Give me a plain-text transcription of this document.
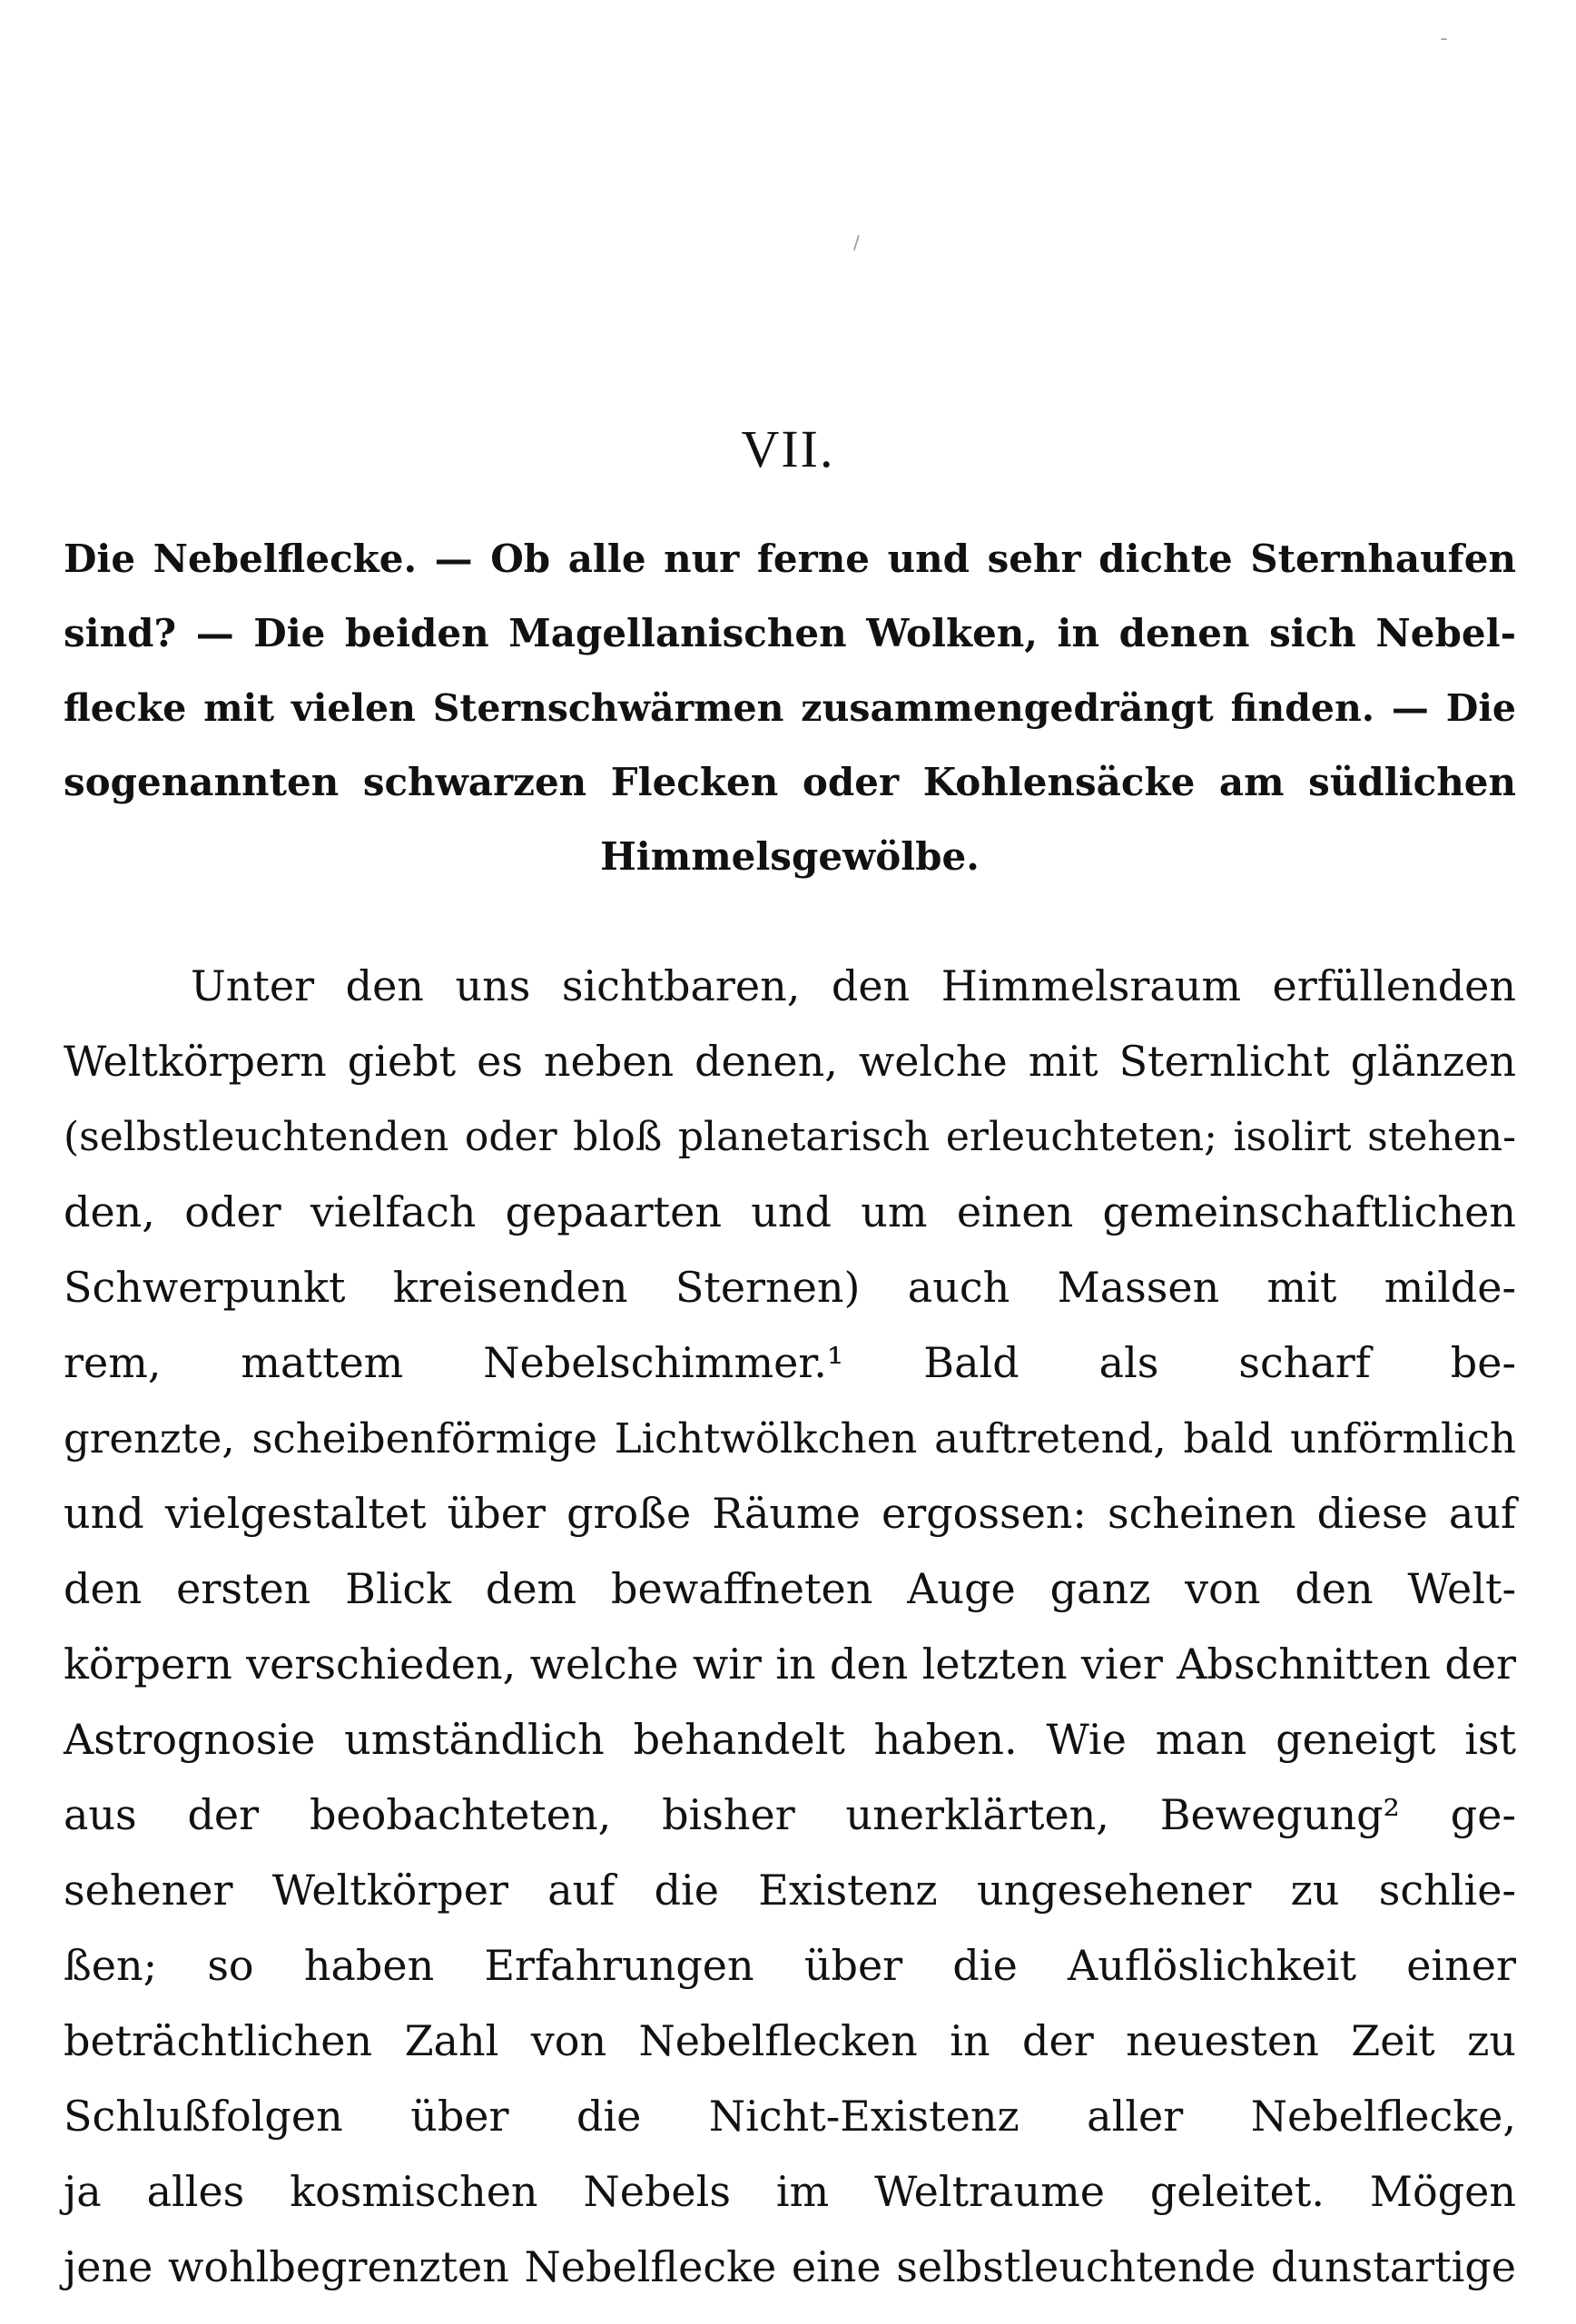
¯
/
VII.
Die Nebelflecke. — Ob alle nur ferne und sehr dichte Sternhaufen
sind? — Die beiden Magellanischen Wolken, in denen sich Nebel-
flecke mit vielen Sternschwärmen zusammengedrängt finden. — Die
sogenannten schwarzen Flecken oder Kohlensäcke am südlichen
Himmelsgewölbe.
Unter den uns sichtbaren, den Himmelsraum erfüllenden
Weltkörpern giebt es neben denen, welche mit Sternlicht glänzen
(selbstleuchtenden oder bloß planetarisch erleuchteten; isolirt stehen-
den, oder vielfach gepaarten und um einen gemeinschaftlichen
Schwerpunkt kreisenden Sternen) auch Massen mit milde-
rem, mattem Nebelschimmer.¹ Bald als scharf be-
grenzte, scheibenförmige Lichtwölkchen auftretend, bald unförmlich
und vielgestaltet über große Räume ergossen: scheinen diese auf
den ersten Blick dem bewaffneten Auge ganz von den Welt-
körpern verschieden, welche wir in den letzten vier Abschnitten der
Astrognosie umständlich behandelt haben. Wie man geneigt ist
aus der beobachteten, bisher unerklärten, Bewegung² ge-
sehener Weltkörper auf die Existenz ungesehener zu schlie-
ßen; so haben Erfahrungen über die Auflöslichkeit einer
beträchtlichen Zahl von Nebelflecken in der neuesten Zeit zu
Schlußfolgen über die Nicht-Existenz aller Nebelflecke,
ja alles kosmischen Nebels im Weltraume geleitet. Mögen
jene wohlbegrenzten Nebelflecke eine selbstleuchtende dunstartige
